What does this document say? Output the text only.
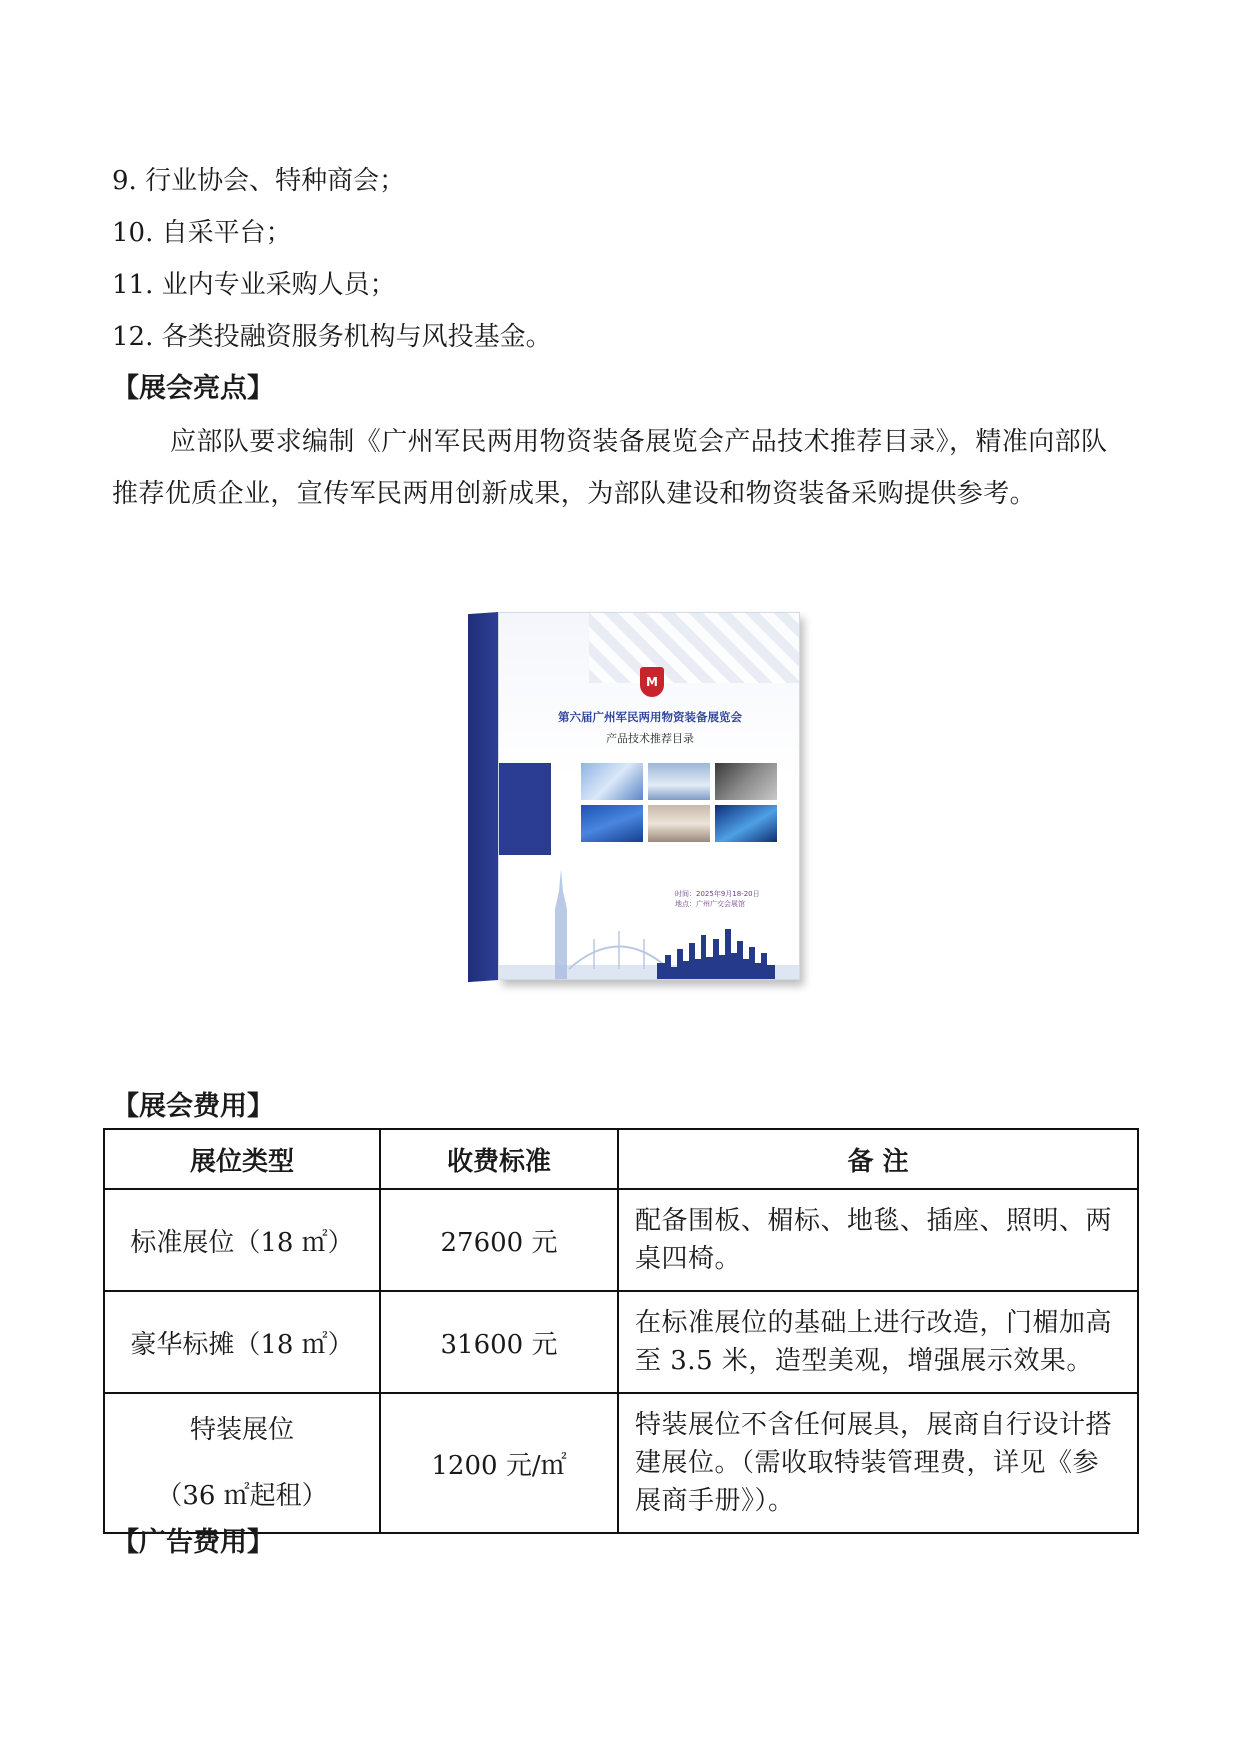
9. 行业协会、特种商会；
10. 自采平台；
11. 业内专业采购人员；
12. 各类投融资服务机构与风投基金。
【展会亮点】
应部队要求编制《广州军民两用物资装备展览会产品技术推荐目录》，精准向部队推荐优质企业，宣传军民两用创新成果，为部队建设和物资装备采购提供参考。
M
第六届广州军民两用物资装备展览会
产品技术推荐目录
时间：2025年9月18-20日
地点：广州广交会展馆
【展会费用】
展位类型	收费标准	备 注
标准展位（18 ㎡）	27600 元	配备围板、楣标、地毯、插座、照明、两桌四椅。
豪华标摊（18 ㎡）	31600 元	在标准展位的基础上进行改造，门楣加高至 3.5 米，造型美观，增强展示效果。

特装展位
（36 ㎡起租）	1200 元/㎡	特装展位不含任何展具，展商自行设计搭建展位。（需收取特装管理费，详见《参展商手册》）。
【广告费用】
